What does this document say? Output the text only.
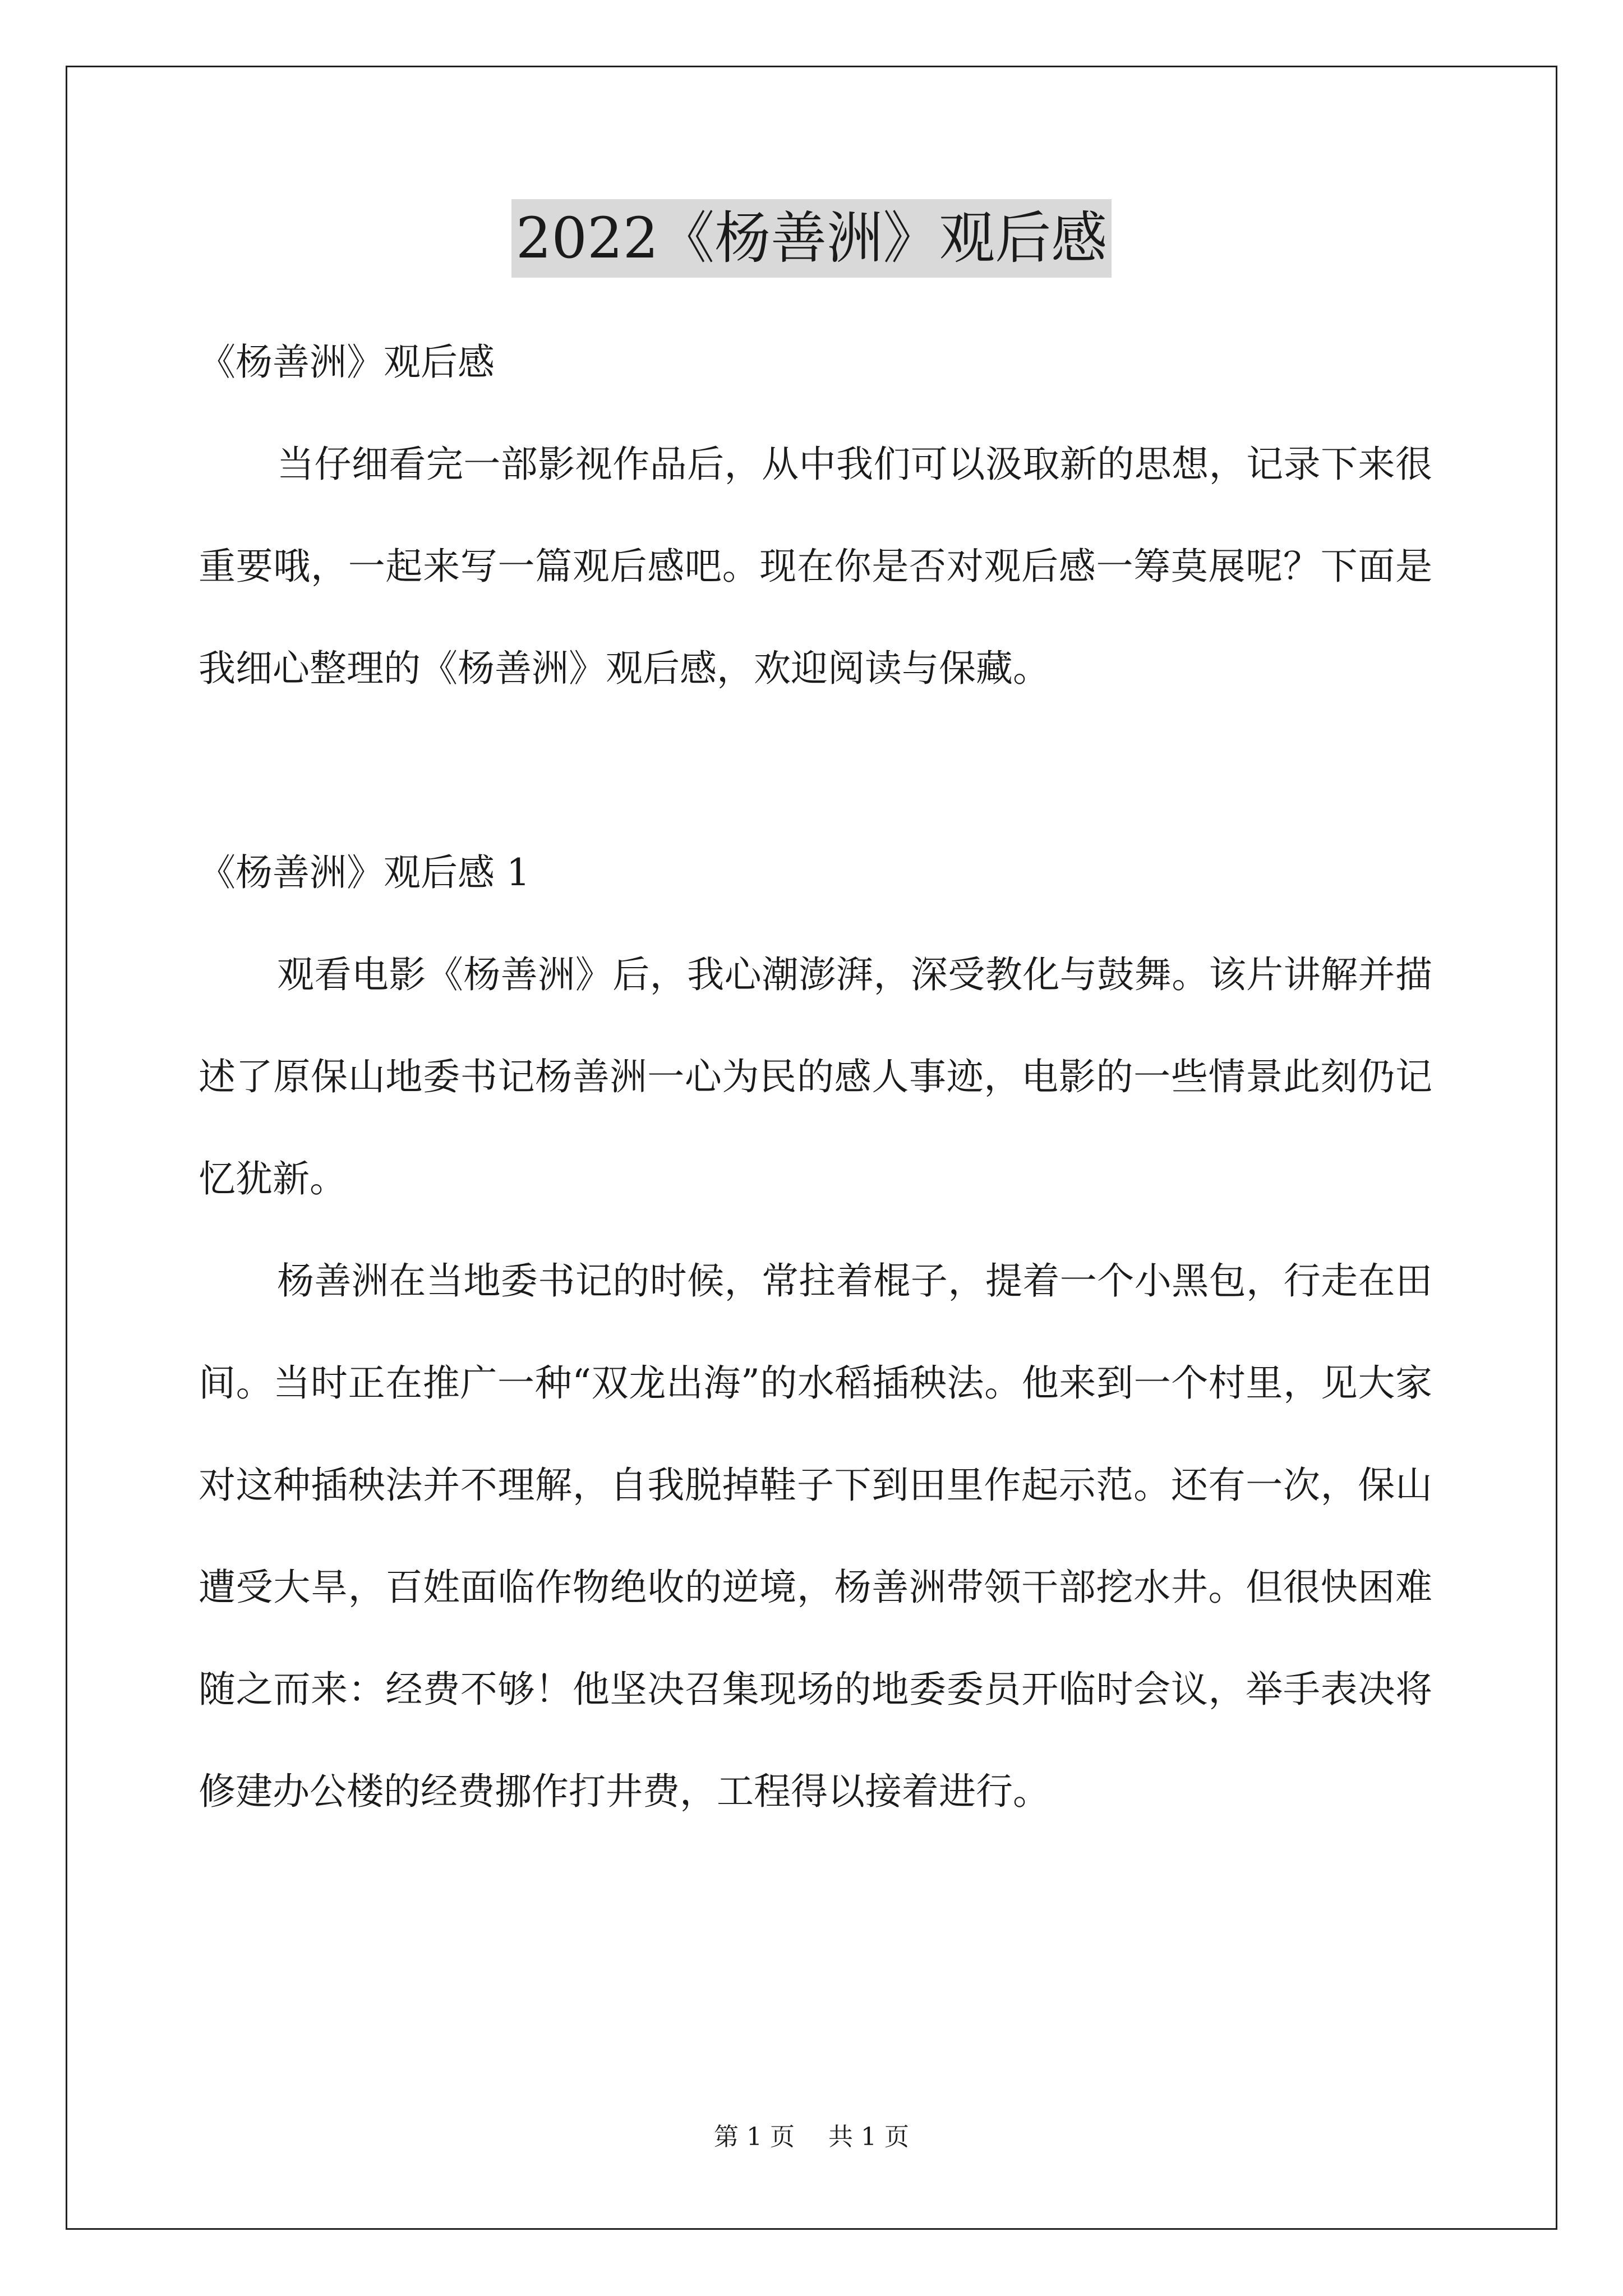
2022《杨善洲》观后感

《杨善洲》观后感

当仔细看完一部影视作品后，从中我们可以汲取新的思想，记录下来很重要哦，一起来写一篇观后感吧。现在你是否对观后感一筹莫展呢？下面是我细心整理的《杨善洲》观后感，欢迎阅读与保藏。

《杨善洲》观后感 1

观看电影《杨善洲》后，我心潮澎湃，深受教化与鼓舞。该片讲解并描述了原保山地委书记杨善洲一心为民的感人事迹，电影的一些情景此刻仍记忆犹新。

杨善洲在当地委书记的时候，常拄着棍子，提着一个小黑包，行走在田间。当时正在推广一种“双龙出海”的水稻插秧法。他来到一个村里，见大家对这种插秧法并不理解，自我脱掉鞋子下到田里作起示范。还有一次，保山遭受大旱，百姓面临作物绝收的逆境，杨善洲带领干部挖水井。但很快困难随之而来：经费不够！他坚决召集现场的地委委员开临时会议，举手表决将修建办公楼的经费挪作打井费，工程得以接着进行。

第 1 页 共 1 页
